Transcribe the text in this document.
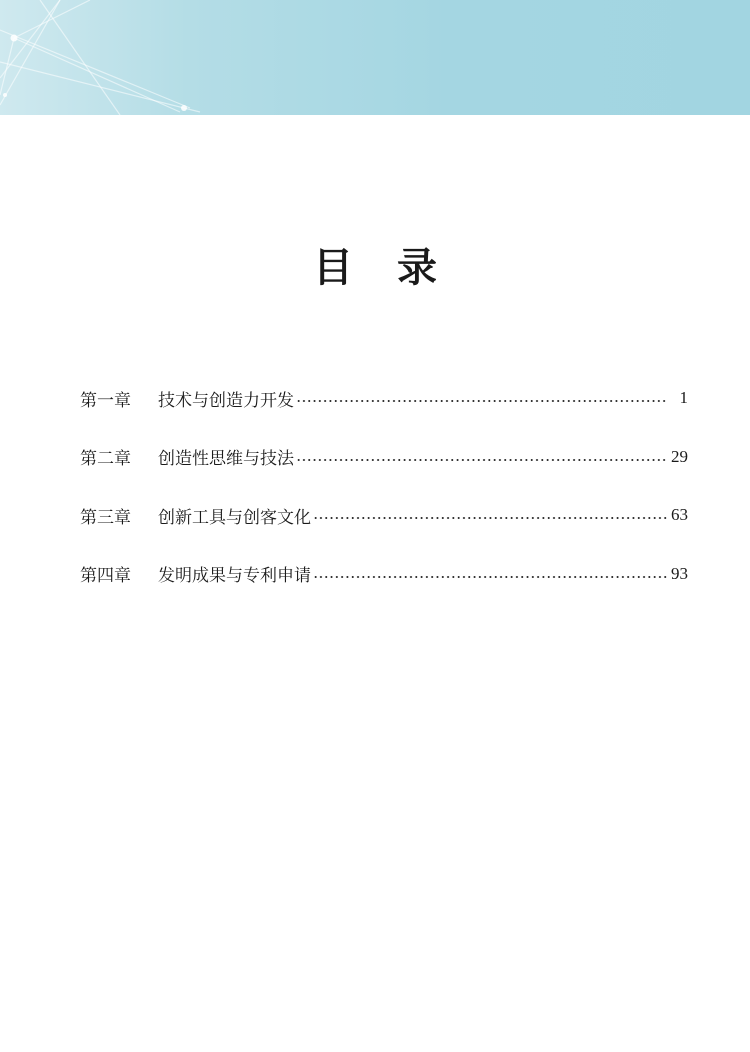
目 录
第一章	技术与创造力开发	1
第二章	创造性思维与技法	29
第三章	创新工具与创客文化	63
第四章	发明成果与专利申请	93
